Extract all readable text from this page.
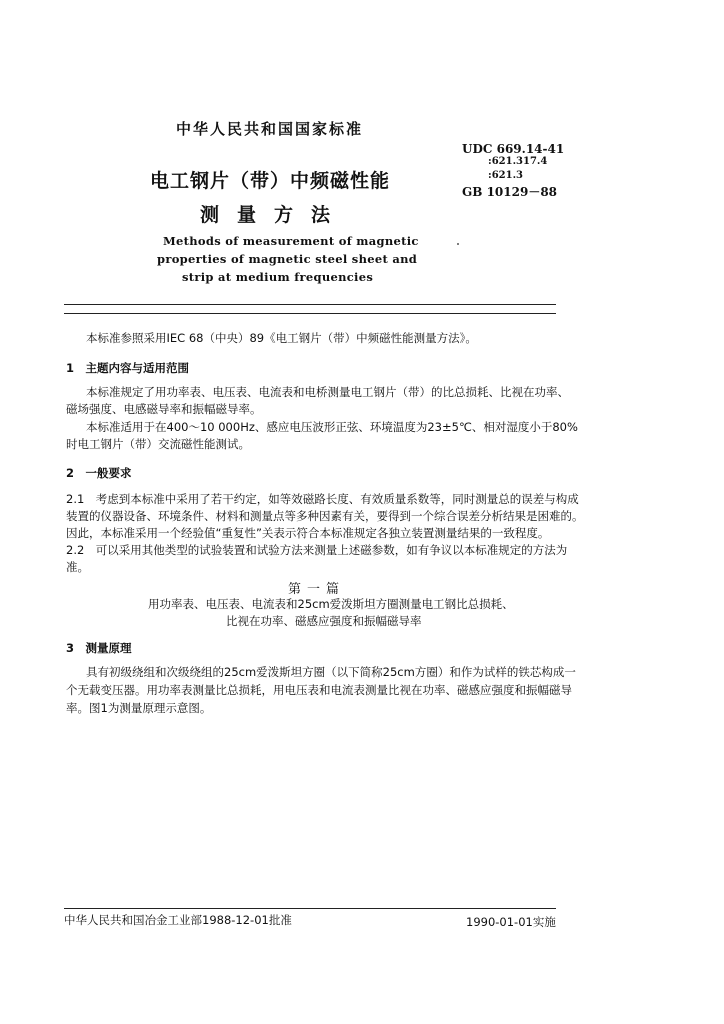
中华人民共和国国家标准
电工钢片（带）中频磁性能
测量方法
Methods of measurement of magnetic
properties of magnetic steel sheet and
strip at medium frequencies
UDC 669.14-41
:621.317.4
:621.3
GB 10129－88
本标准参照采用IEC 68（中央）89《电工钢片（带）中频磁性能测量方法》。
1　主题内容与适用范围
本标准规定了用功率表、电压表、电流表和电桥测量电工钢片（带）的比总损耗、比视在功率、
磁场强度、电感磁导率和振幅磁导率。
本标准适用于在400～10 000Hz、感应电压波形正弦、环境温度为23±5℃、相对湿度小于80%
时电工钢片（带）交流磁性能测试。
2　一般要求
2.1　考虑到本标准中采用了若干约定，如等效磁路长度、有效质量系数等，同时测量总的误差与构成
装置的仪器设备、环境条件、材料和测量点等多种因素有关，要得到一个综合误差分析结果是困难的。
因此，本标准采用一个经验值“重复性”关表示符合本标准规定各独立装置测量结果的一致程度。
2.2　可以采用其他类型的试验装置和试验方法来测量上述磁参数，如有争议以本标准规定的方法为
准。
第一篇
用功率表、电压表、电流表和25cm爱泼斯坦方圈测量电工钢比总损耗、
比视在功率、磁感应强度和振幅磁导率
3　测量原理
具有初级绕组和次级绕组的25cm爱泼斯坦方圈（以下简称25cm方圈）和作为试样的铁芯构成一
个无载变压器。用功率表测量比总损耗，用电压表和电流表测量比视在功率、磁感应强度和振幅磁导
率。图1为测量原理示意图。
中华人民共和国冶金工业部1988-12-01批准	1990-01-01实施
